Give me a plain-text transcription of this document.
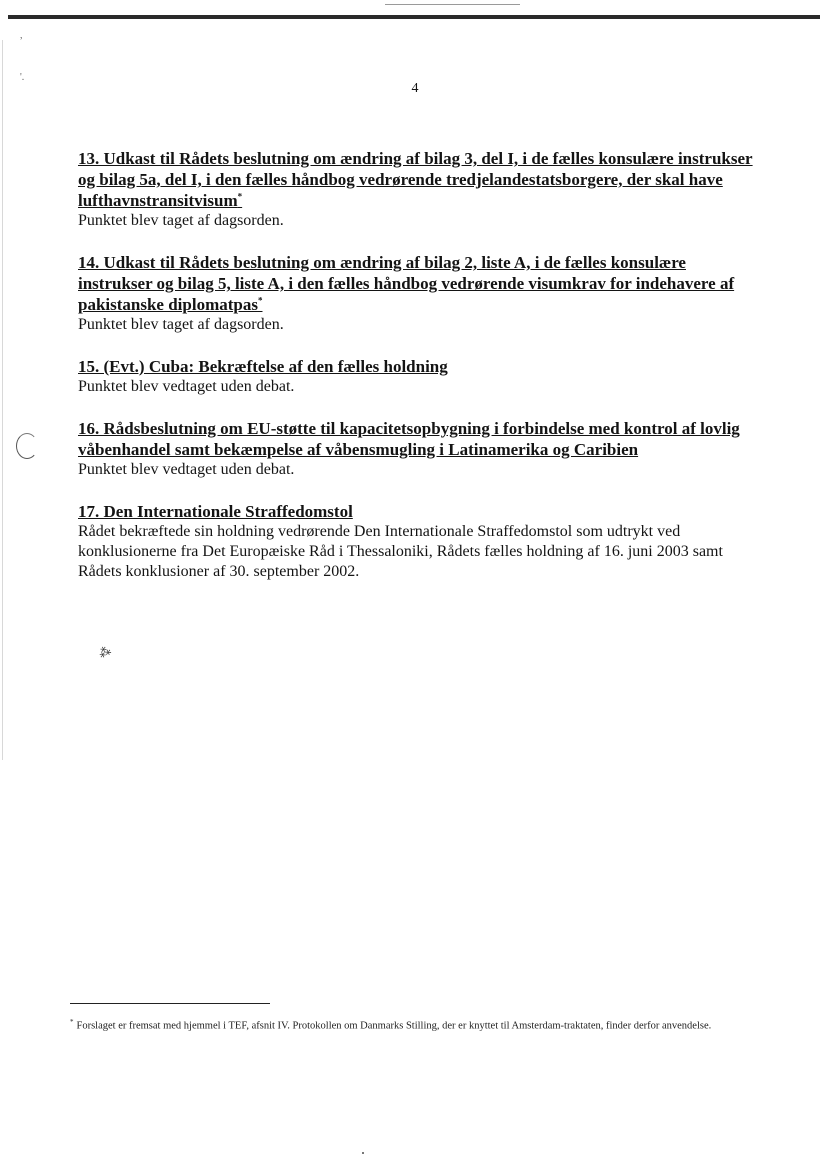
,
'.
4
13. Udkast til Rådets beslutning om ændring af bilag 3, del I, i de fælles konsulære instrukser og bilag 5a, del I, i den fælles håndbog vedrørende tredjelandestatsborgere, der skal have lufthavnstransitvisum*
Punktet blev taget af dagsorden.
14. Udkast til Rådets beslutning om ændring af bilag 2, liste A, i de fælles konsulære instrukser og bilag 5, liste A, i den fælles håndbog vedrørende visumkrav for indehavere af pakistanske diplomatpas*
Punktet blev taget af dagsorden.
15. (Evt.) Cuba: Bekræftelse af den fælles holdning
Punktet blev vedtaget uden debat.
16. Rådsbeslutning om EU-støtte til kapacitetsopbygning i forbindelse med kontrol af lovlig våbenhandel samt bekæmpelse af våbensmugling i Latinamerika og Caribien
Punktet blev vedtaget uden debat.
17. Den Internationale Straffedomstol
Rådet bekræftede sin holdning vedrørende Den Internationale Straffedomstol som udtrykt ved konklusionerne fra Det Europæiske Råd i Thessaloniki, Rådets fælles holdning af 16. juni 2003 samt Rådets konklusioner af 30. september 2002.
⁂
* Forslaget er fremsat med hjemmel i TEF, afsnit IV. Protokollen om Danmarks Stilling, der er knyttet til Amsterdam-traktaten, finder derfor anvendelse.
